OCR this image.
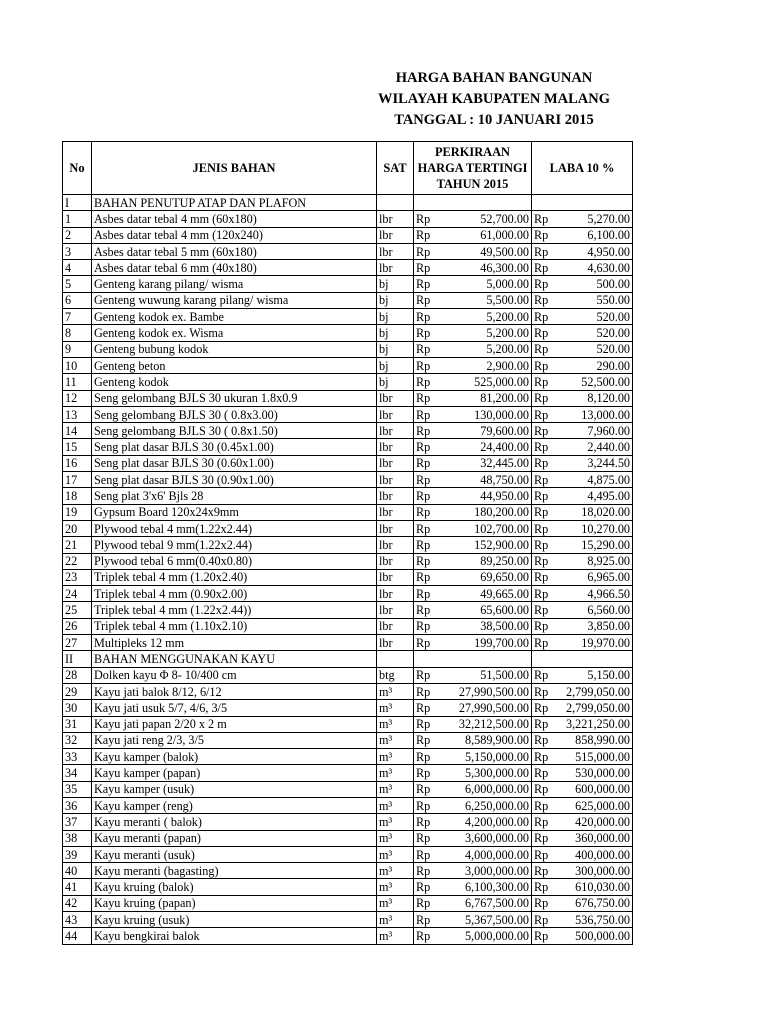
HARGA BAHAN BANGUNAN
WILAYAH KABUPATEN MALANG
TANGGAL : 10 JANUARI 2015
No	JENIS BAHAN	SAT	PERKIRAAN HARGA TERTINGI TAHUN 2015		LABA 10 %	
I	BAHAN PENUTUP ATAP DAN PLAFON					
1	Asbes datar tebal 4 mm (60x180)	lbr	Rp	52,700.00	Rp	5,270.00
2	Asbes datar tebal 4 mm (120x240)	lbr	Rp	61,000.00	Rp	6,100.00
3	Asbes datar tebal 5 mm (60x180)	lbr	Rp	49,500.00	Rp	4,950.00
4	Asbes datar tebal 6 mm (40x180)	lbr	Rp	46,300.00	Rp	4,630.00
5	Genteng karang pilang/ wisma	bj	Rp	5,000.00	Rp	500.00
6	Genteng wuwung karang pilang/ wisma	bj	Rp	5,500.00	Rp	550.00
7	Genteng kodok ex. Bambe	bj	Rp	5,200.00	Rp	520.00
8	Genteng kodok ex. Wisma	bj	Rp	5,200.00	Rp	520.00
9	Genteng bubung kodok	bj	Rp	5,200.00	Rp	520.00
10	Genteng beton	bj	Rp	2,900.00	Rp	290.00
11	Genteng kodok	bj	Rp	525,000.00	Rp	52,500.00
12	Seng gelombang BJLS 30 ukuran 1.8x0.9	lbr	Rp	81,200.00	Rp	8,120.00
13	Seng gelombang BJLS 30 ( 0.8x3.00)	lbr	Rp	130,000.00	Rp	13,000.00
14	Seng gelombang BJLS 30 ( 0.8x1.50)	lbr	Rp	79,600.00	Rp	7,960.00
15	Seng plat dasar BJLS 30 (0.45x1.00)	lbr	Rp	24,400.00	Rp	2,440.00
16	Seng plat dasar BJLS 30 (0.60x1.00)	lbr	Rp	32,445.00	Rp	3,244.50
17	Seng plat dasar BJLS 30 (0.90x1.00)	lbr	Rp	48,750.00	Rp	4,875.00
18	Seng plat 3'x6' Bjls 28	lbr	Rp	44,950.00	Rp	4,495.00
19	Gypsum Board 120x24x9mm	lbr	Rp	180,200.00	Rp	18,020.00
20	Plywood tebal 4 mm(1.22x2.44)	lbr	Rp	102,700.00	Rp	10,270.00
21	Plywood tebal 9 mm(1.22x2.44)	lbr	Rp	152,900.00	Rp	15,290.00
22	Plywood tebal 6 mm(0.40x0.80)	lbr	Rp	89,250.00	Rp	8,925.00
23	Triplek tebal 4 mm (1.20x2.40)	lbr	Rp	69,650.00	Rp	6,965.00
24	Triplek tebal 4 mm (0.90x2.00)	lbr	Rp	49,665.00	Rp	4,966.50
25	Triplek tebal 4 mm (1.22x2.44))	lbr	Rp	65,600.00	Rp	6,560.00
26	Triplek tebal 4 mm (1.10x2.10)	lbr	Rp	38,500.00	Rp	3,850.00
27	Multipleks 12 mm	lbr	Rp	199,700.00	Rp	19,970.00
II	BAHAN MENGGUNAKAN KAYU					
28	Dolken kayu Φ 8- 10/400 cm	btg	Rp	51,500.00	Rp	5,150.00
29	Kayu jati balok 8/12, 6/12	m³	Rp	27,990,500.00	Rp	2,799,050.00
30	Kayu jati usuk 5/7, 4/6, 3/5	m³	Rp	27,990,500.00	Rp	2,799,050.00
31	Kayu jati papan 2/20 x 2 m	m³	Rp	32,212,500.00	Rp	3,221,250.00
32	Kayu jati reng 2/3, 3/5	m³	Rp	8,589,900.00	Rp	858,990.00
33	Kayu kamper (balok)	m³	Rp	5,150,000.00	Rp	515,000.00
34	Kayu kamper (papan)	m³	Rp	5,300,000.00	Rp	530,000.00
35	Kayu kamper (usuk)	m³	Rp	6,000,000.00	Rp	600,000.00
36	Kayu kamper (reng)	m³	Rp	6,250,000.00	Rp	625,000.00
37	Kayu meranti ( balok)	m³	Rp	4,200,000.00	Rp	420,000.00
38	Kayu meranti (papan)	m³	Rp	3,600,000.00	Rp	360,000.00
39	Kayu meranti (usuk)	m³	Rp	4,000,000.00	Rp	400,000.00
40	Kayu meranti (bagasting)	m³	Rp	3,000,000.00	Rp	300,000.00
41	Kayu kruing (balok)	m³	Rp	6,100,300.00	Rp	610,030.00
42	Kayu kruing (papan)	m³	Rp	6,767,500.00	Rp	676,750.00
43	Kayu kruing (usuk)	m³	Rp	5,367,500.00	Rp	536,750.00
44	Kayu bengkirai balok	m³	Rp	5,000,000.00	Rp	500,000.00
